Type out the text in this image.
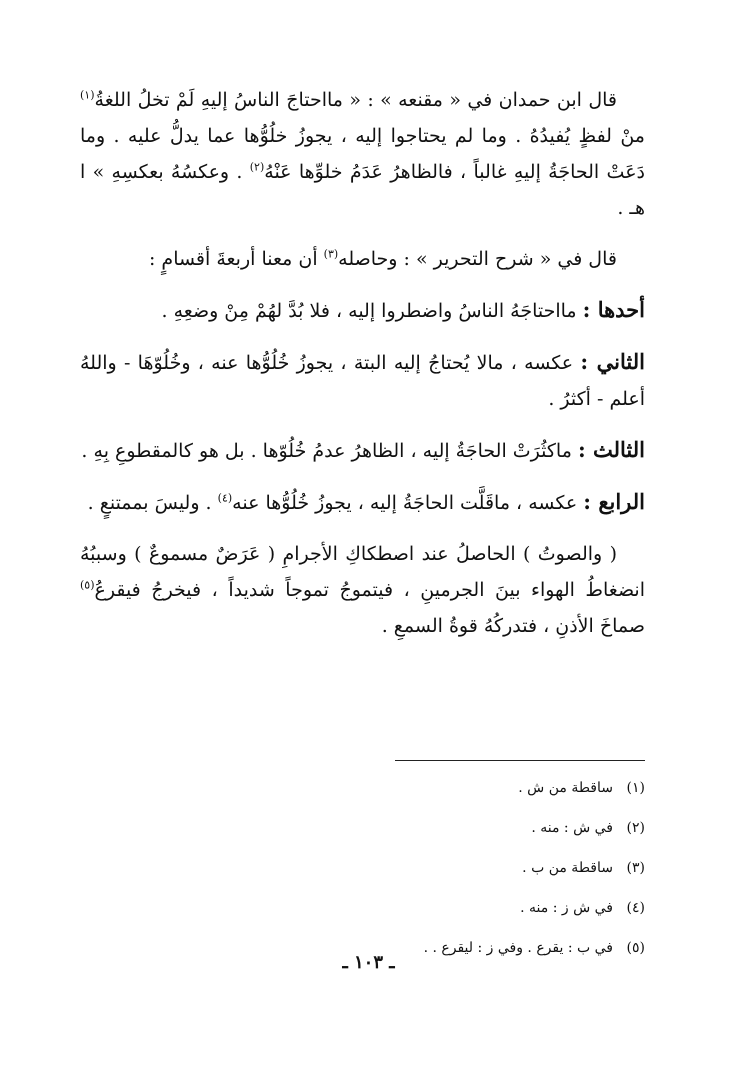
قال ابن حمدان في « مقنعه » : « مااحتاجَ الناسُ إليهِ لَمْ تخلُ اللغةُ$^{(١)}$ منْ لفظٍ يُفيدُهُ . وما لم يحتاجوا إليه ، يجوزُ خلُوُّها عما يدلُّ عليه . وما دَعَتْ الحاجَةُ إليهِ غالباً ، فالظاهرُ عَدَمُ خلوِّها عَنْهُ$^{(٢)}$ . وعكسُهُ بعكسِهِ » ا هـ .

قال في « شرح التحرير » : وحاصله$^{(٣)}$ أن معنا أربعةَ أقسامٍ :

أحدها : مااحتاجَهُ الناسُ واضطروا إليه ، فلا بُدَّ لهُمْ مِنْ وضعِهِ .

الثاني : عكسه ، مالا يُحتاجُ إليه البتة ، يجوزُ خُلُوُّها عنه ، وخُلُوّهَا - واللهُ أعلم - أكثرُ .

الثالث : ماكثُرَتْ الحاجَةُ إليه ، الظاهرُ عدمُ خُلُوّها . بل هو كالمقطوعِ بِهِ .

الرابع : عكسه ، ماقَلَّت الحاجَةُ إليه ، يجوزُ خُلُوُّها عنه$^{(٤)}$ . وليسَ بممتنعٍ .

( والصوتُ ) الحاصلُ عند اصطكاكِ الأجرامِ ( عَرَضٌ مسموعٌ ) وسببُهُ انضغاطُ الهواء بينَ الجرمينِ ، فيتموجُ تموجاً شديداً ، فيخرجُ فيقرعُ$^{(٥)}$ صماخَ الأذنِ ، فتدركُهُ قوةُ السمعِ .

(١)
ساقطة من ش .
(٢)
في ش : منه .
(٣)
ساقطة من ب .
(٤)
في ش ز : منه .
(٥)
في ب : يقرع . وفي ز : ليقرع . .
ـ ١٠٣ ـ
